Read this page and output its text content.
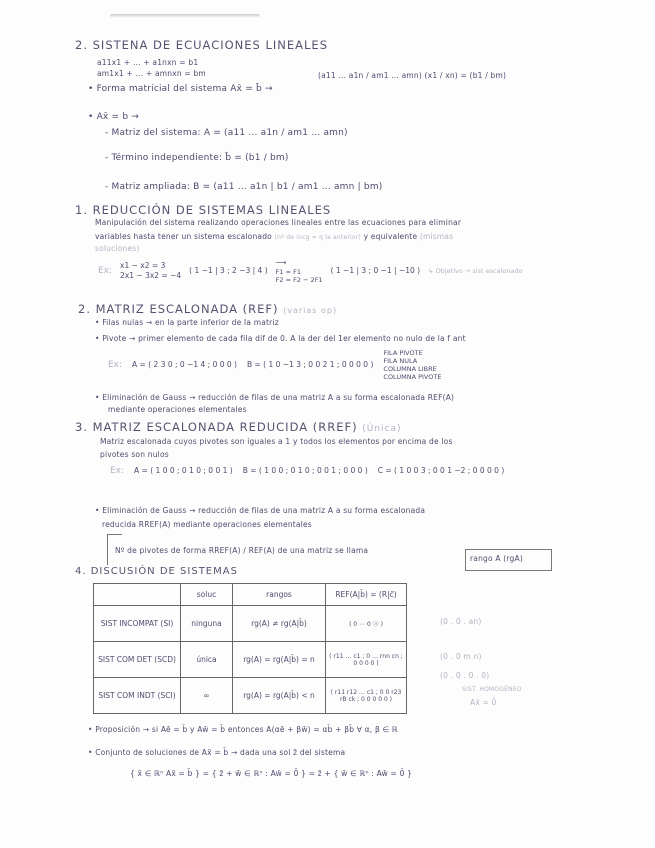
2. SISTENA DE ECUACIONES LINEALES
a11x1 + ... + a1nxn = b1
am1x1 + ... + amnxn = bm
• Forma matricial del sistema Ax̄ = b̄ →
(a11 ... a1n / am1 ... amn) (x1 / xn) = (b1 / bm)
• Ax̄ = b →
- Matriz del sistema: A = (a11 ... a1n / am1 ... amn)
- Término independiente: b̄ = (b1 / bm)
- Matriz ampliada: B = (a11 ... a1n | b1 / am1 ... amn | bm)
1. REDUCCIÓN DE SISTEMAS LINEALES
Manipulación del sistema realizando operaciones lineales entre las ecuaciones para eliminar
variables hasta tener un sistema escalonado (nº de incg = q la anterior) y equivalente (mismas
soluciones)
Ex:
x1 − x2 = 3
2x1 − 3x2 = −4
( 1 −1 | 3 ; 2 −3 | 4 )
⟶
F1 = F1
F2 = F2 − 2F1
( 1 −1 | 3 ; 0 −1 | −10 ) ↳ Objetivo → sist escalonado
2. MATRIZ ESCALONADA (REF) (varias op)
• Filas nulas → en la parte inferior de la matriz
• Pivote → primer elemento de cada fila dif de 0. A la der del 1er elemento no nulo de la f ant
Ex: A = ( 2 3 0 ; 0 −1 4 ; 0 0 0 ) B = ( 1 0 −1 3 ; 0 0 2 1 ; 0 0 0 0 )
FILA PIVOTE
FILA NULA
COLUMNA LIBRE
COLUMNA PIVOTE
• Eliminación de Gauss → reducción de filas de una matriz A a su forma escalonada REF(A)
mediante operaciones elementales
3. MATRIZ ESCALONADA REDUCIDA (RREF) (Única)
Matriz escalonada cuyos pivotes son iguales a 1 y todos los elementos por encima de los
pivotes son nulos
Ex: A = ( 1 0 0 ; 0 1 0 ; 0 0 1 ) B = ( 1 0 0 ; 0 1 0 ; 0 0 1 ; 0 0 0 ) C = ( 1 0 0 3 ; 0 0 1 −2 ; 0 0 0 0 )
• Eliminación de Gauss → reducción de filas de una matriz A a su forma escalonada
reducida RREF(A) mediante operaciones elementales
Nº de pivotes de forma RREF(A) / REF(A) de una matriz se llama
rango A (rgA)
4. DISCUSIÓN DE SISTEMAS
	soluc	rangos	REF(A|b̄) = (R|c̄)
SIST INCOMPAT (SI)	ninguna	rg(A) ≠ rg(A|b̄)	( 0 ⋯ 0 ⓐ )
SIST COM DET (SCD)	única	rg(A) = rg(A|b̄) = n	( r11 … c1 ; 0 … rnn cn ; 0 0 0 0 )
SIST COM INDT (SCI)	∞	rg(A) = rg(A|b̄) < n	( r11 r12 … c1 ; 0 0 r23 rB ck ; 0 0 0 0 0 )
(0 . 0 . an)
(0 . 0 m n)
(0 . 0 . 0 . 0)
SIST. HOMOGÉNEO
Ax̄ = 0̄
• Proposición → si Aē = b̄ y Aw̄ = b̄ entonces A(αē + βw̄) = αb̄ + βb̄ ∀ α, β ∈ ℝ
• Conjunto de soluciones de Ax̄ = b̄ → dada una sol z̄ del sistema
{ x̄ ∈ ℝⁿ Ax̄ = b̄ } = { z̄ + w̄ ∈ ℝⁿ : Aw̄ = 0̄ } = z̄ + { w̄ ∈ ℝⁿ : Aw̄ = 0̄ }
